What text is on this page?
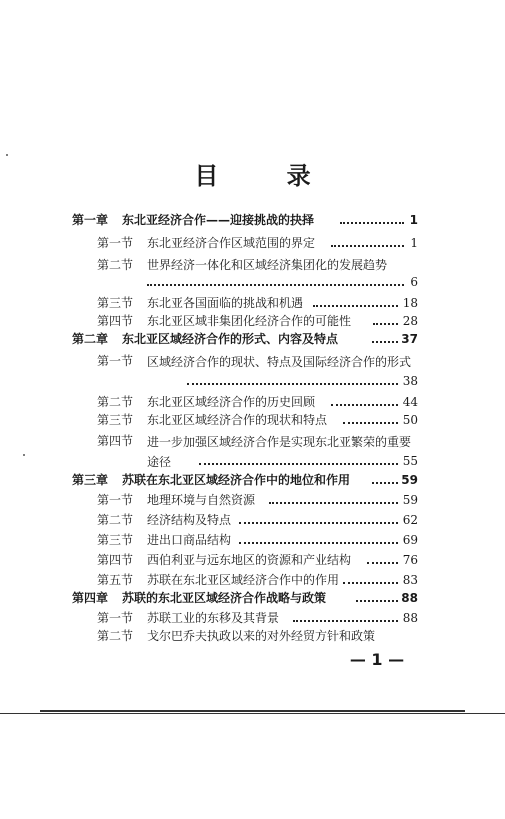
目 录
第一章 东北亚经济合作——迎接挑战的抉择	1
第一节 东北亚经济合作区域范围的界定	1
第二节 世界经济一体化和区域经济集团化的发展趋势
6
第三节 东北亚各国面临的挑战和机遇	18
第四节 东北亚区域非集团化经济合作的可能性	28
第二章 东北亚区域经济合作的形式、内容及特点	37
第一节 区域经济合作的现状、特点及国际经济合作的形式
38
第二节 东北亚区域经济合作的历史回顾	44
第三节 东北亚区域经济合作的现状和特点	50
第四节 进一步加强区域经济合作是实现东北亚繁荣的重要途径	55
第三章 苏联在东北亚区域经济合作中的地位和作用	59
第一节 地理环境与自然资源	59
第二节 经济结构及特点	62
第三节 进出口商品结构	69
第四节 西伯利亚与远东地区的资源和产业结构	76
第五节 苏联在东北亚区域经济合作中的作用	83
第四章 苏联的东北亚区域经济合作战略与政策	88
第一节 苏联工业的东移及其背景	88
第二节 戈尔巴乔夫执政以来的对外经贸方针和政策
— 1 —
